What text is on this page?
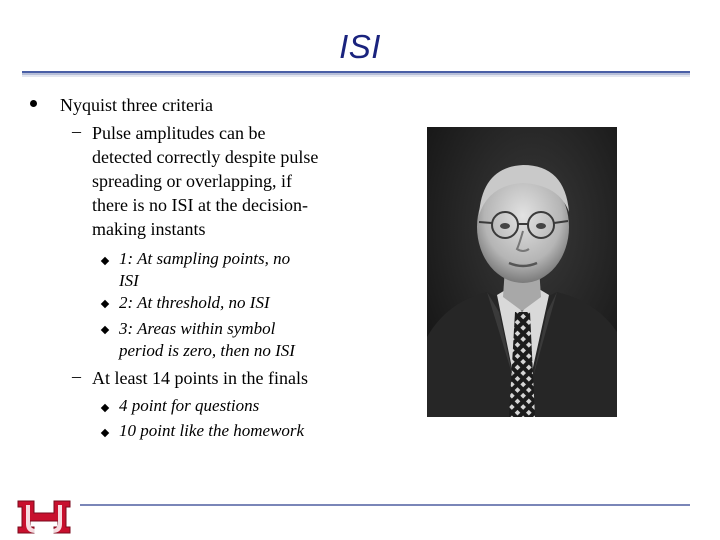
ISI
Nyquist three criteria
– Pulse amplitudes can be
detected correctly despite pulse
spreading or overlapping, if
there is no ISI at the decision-
making instants
1: At sampling points, no
ISI
2: At threshold, no ISI
3: Areas within symbol
period is zero, then no ISI
– At least 14 points in the finals
4 point for questions
10 point like the homework
